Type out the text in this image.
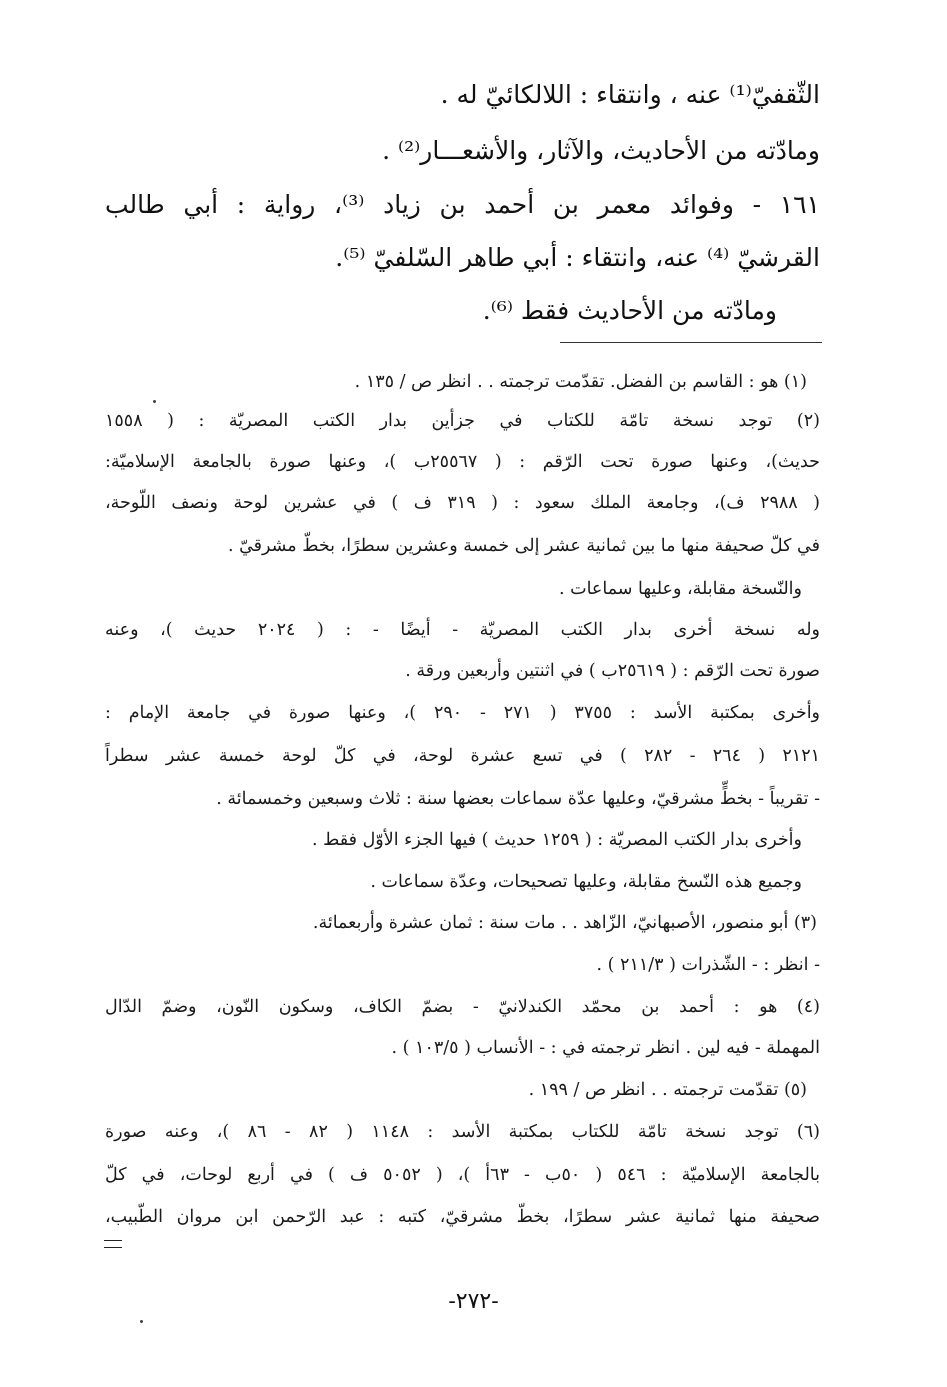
الثّقفيّ⁽¹⁾ عنه ، وانتقاء : اللالكائيّ له .
ومادّته من الأحاديث، والآثار، والأشعـــار⁽²⁾ .
١٦١ - وفوائد معمر بن أحمد بن زياد ⁽³⁾، رواية : أبي طالب
القرشيّ ⁽⁴⁾ عنه، وانتقاء : أبي طاهر السّلفيّ ⁽⁵⁾.
ومادّته من الأحاديث فقط ⁽⁶⁾.
(١) هو : القاسم بن الفضل. تقدّمت ترجمته . . انظر ص / ١٣٥ .
(٢) توجد نسخة تامّة للكتاب في جزأين بدار الكتب المصريّة : ( ١٥٥٨
حديث)، وعنها صورة تحت الرّقم : ( ٢٥٥٦٧ب )، وعنها صورة بالجامعة الإسلاميّة:
( ٢٩٨٨ ف)، وجامعة الملك سعود : ( ٣١٩ ف ) في عشرين لوحة ونصف اللّوحة،
في كلّ صحيفة منها ما بين ثمانية عشر إلى خمسة وعشرين سطرًا، بخطّ مشرقيّ .
والنّسخة مقابلة، وعليها سماعات .
وله نسخة أخرى بدار الكتب المصريّة - أيضًا - : ( ٢٠٢٤ حديث )، وعنه
صورة تحت الرّقم : ( ٢٥٦١٩ب ) في اثنتين وأربعين ورقة .
وأخرى بمكتبة الأسد : ٣٧٥٥ ( ٢٧١ - ٢٩٠ )، وعنها صورة في جامعة الإمام :
٢١٢١ ( ٢٦٤ - ٢٨٢ ) في تسع عشرة لوحة، في كلّ لوحة خمسة عشر سطراً
- تقريباً - بخطٍّ مشرقيّ، وعليها عدّة سماعات بعضها سنة : ثلاث وسبعين وخمسمائة .
وأخرى بدار الكتب المصريّة : ( ١٢٥٩ حديث ) فيها الجزء الأوّل فقط .
وجميع هذه النّسخ مقابلة، وعليها تصحيحات، وعدّة سماعات .
(٣) أبو منصور، الأصبهانيّ، الزّاهد . . مات سنة : ثمان عشرة وأربعمائة.
- انظر : - الشّذرات ( ٢١١/٣ ) .
(٤) هو : أحمد بن محمّد الكندلانيّ - بضمّ الكاف، وسكون النّون، وضمّ الدّال
المهملة - فيه لين . انظر ترجمته في : - الأنساب ( ١٠٣/٥ ) .
(٥) تقدّمت ترجمته . . انظر ص / ١٩٩ .
(٦) توجد نسخة تامّة للكتاب بمكتبة الأسد : ١١٤٨ ( ٨٢ - ٨٦ )، وعنه صورة
بالجامعة الإسلاميّة : ٥٤٦ ( ٥٠ب - ٦٣أ )، ( ٥٠٥٢ ف ) في أربع لوحات، في كلّ
صحيفة منها ثمانية عشر سطرًا، بخطّ مشرقيّ، كتبه : عبد الرّحمن ابن مروان الطّبيب،
-٢٧٢-
